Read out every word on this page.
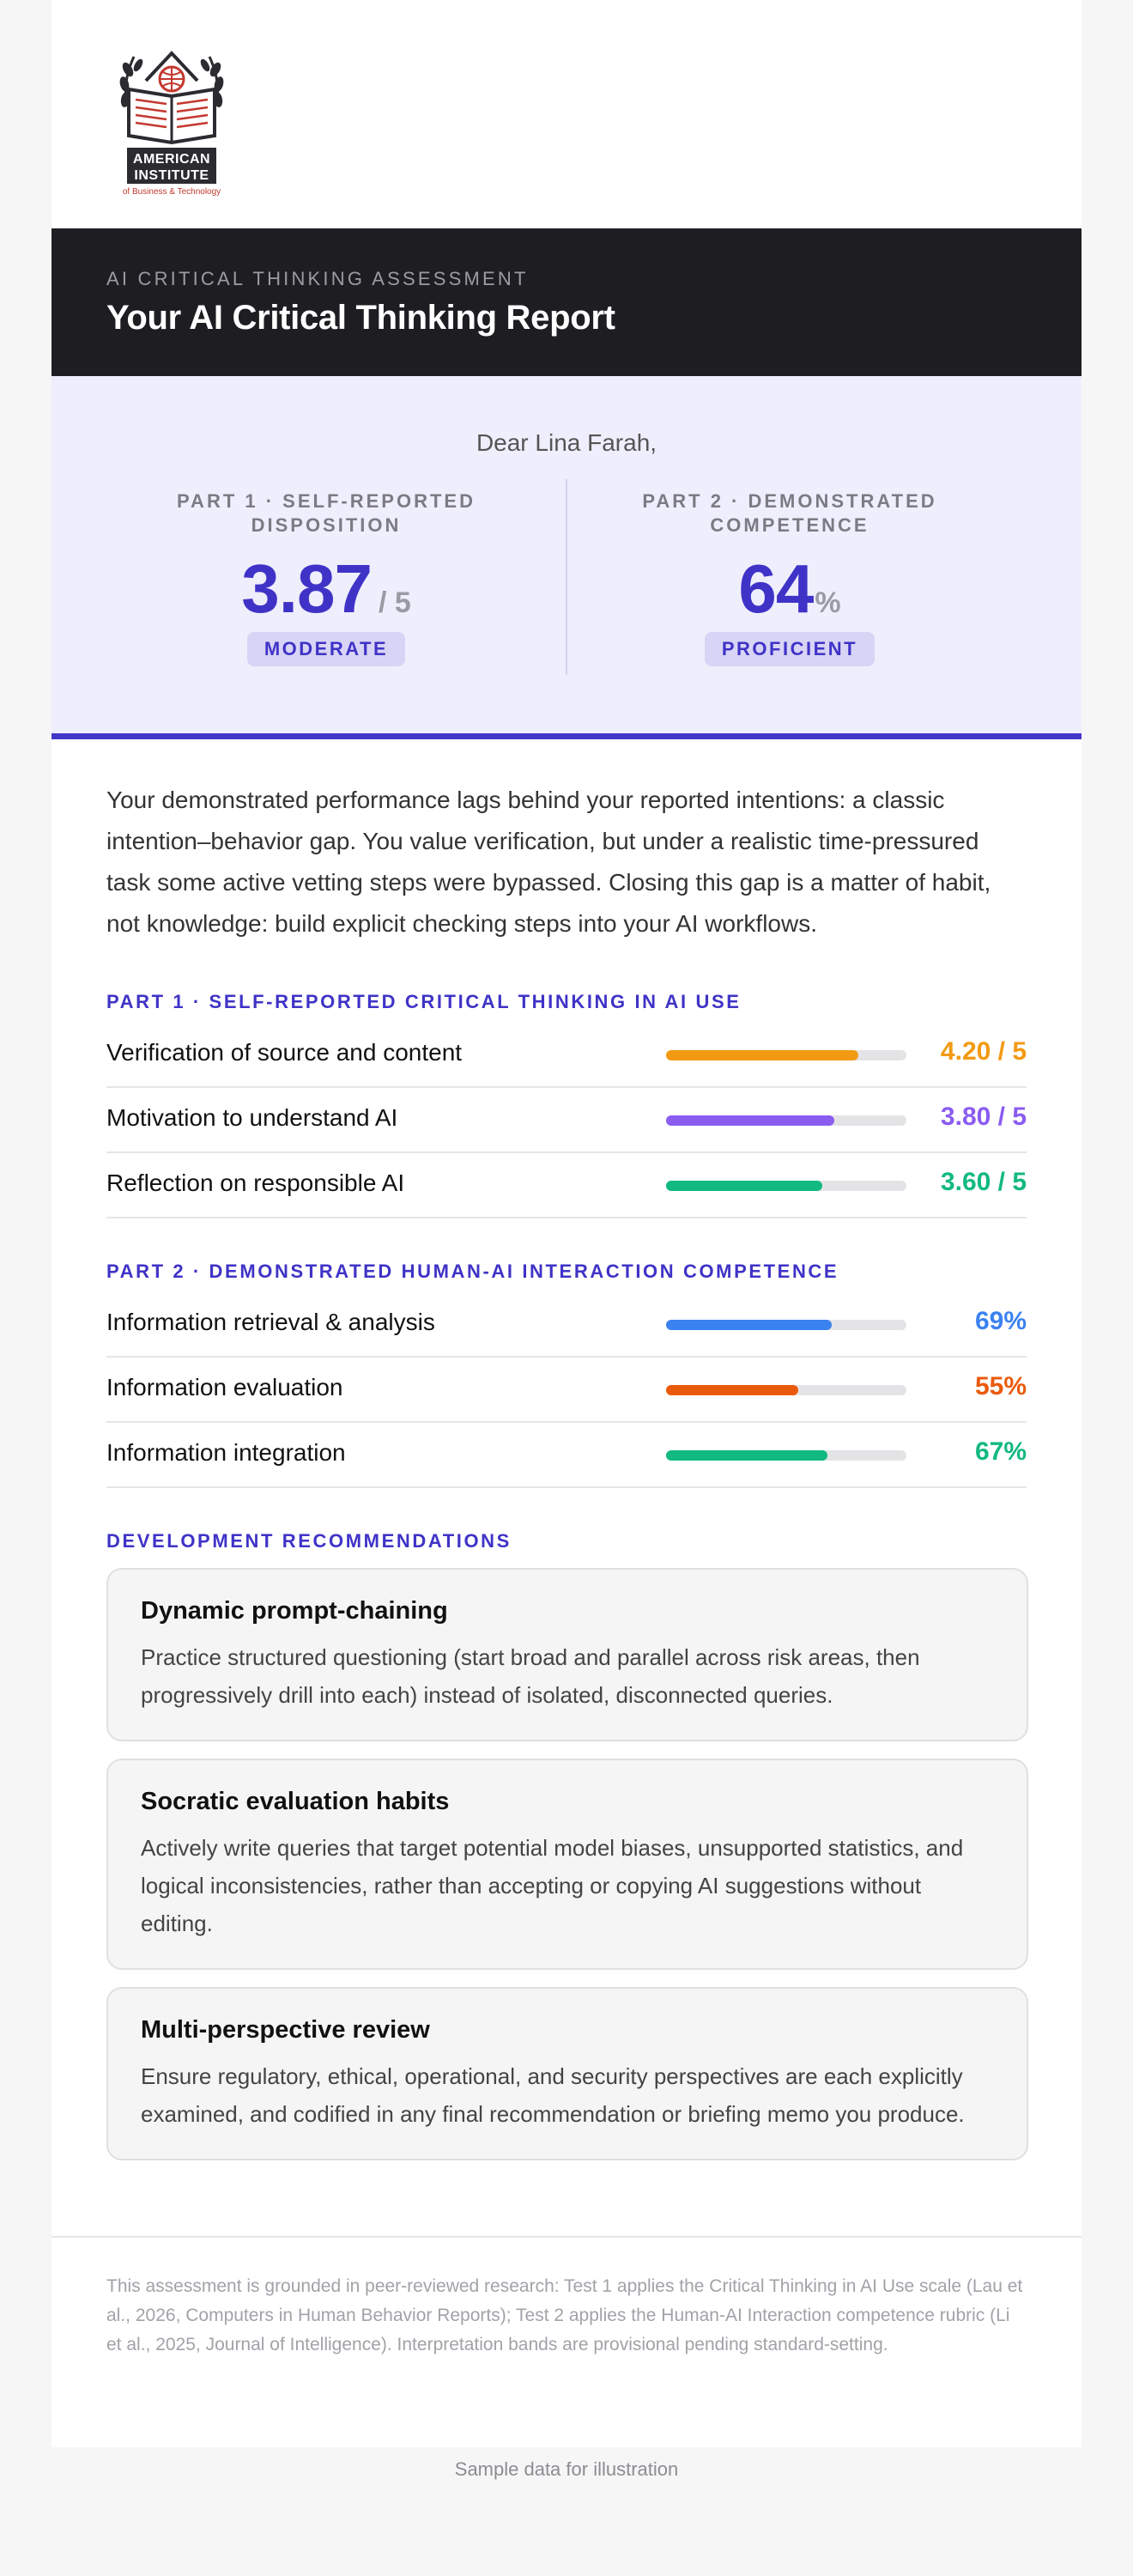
AMERICAN
INSTITUTE
of Business & Technology
AI CRITICAL THINKING ASSESSMENT
Your AI Critical Thinking Report
Dear Lina Farah,
PART 1 · SELF-REPORTED DISPOSITION
3.87 / 5
MODERATE
PART 2 · DEMONSTRATED COMPETENCE
64%
PROFICIENT
Your demonstrated performance lags behind your reported intentions: a classic intention–behavior gap. You value verification, but under a realistic time-pressured task some active vetting steps were bypassed. Closing this gap is a matter of habit, not knowledge: build explicit checking steps into your AI workflows.
PART 1 · SELF-REPORTED CRITICAL THINKING IN AI USE
Verification of source and content	4.20 / 5
Motivation to understand AI	3.80 / 5
Reflection on responsible AI	3.60 / 5
PART 2 · DEMONSTRATED HUMAN-AI INTERACTION COMPETENCE
Information retrieval & analysis	69%
Information evaluation	55%
Information integration	67%
DEVELOPMENT RECOMMENDATIONS
Dynamic prompt-chaining
Practice structured questioning (start broad and parallel across risk areas, then progressively drill into each) instead of isolated, disconnected queries.
Socratic evaluation habits
Actively write queries that target potential model biases, unsupported statistics, and logical inconsistencies, rather than accepting or copying AI suggestions without editing.
Multi-perspective review
Ensure regulatory, ethical, operational, and security perspectives are each explicitly examined, and codified in any final recommendation or briefing memo you produce.
This assessment is grounded in peer-reviewed research: Test 1 applies the Critical Thinking in AI Use scale (Lau et al., 2026, Computers in Human Behavior Reports); Test 2 applies the Human-AI Interaction competence rubric (Li et al., 2025, Journal of Intelligence). Interpretation bands are provisional pending standard-setting.
Sample data for illustration
